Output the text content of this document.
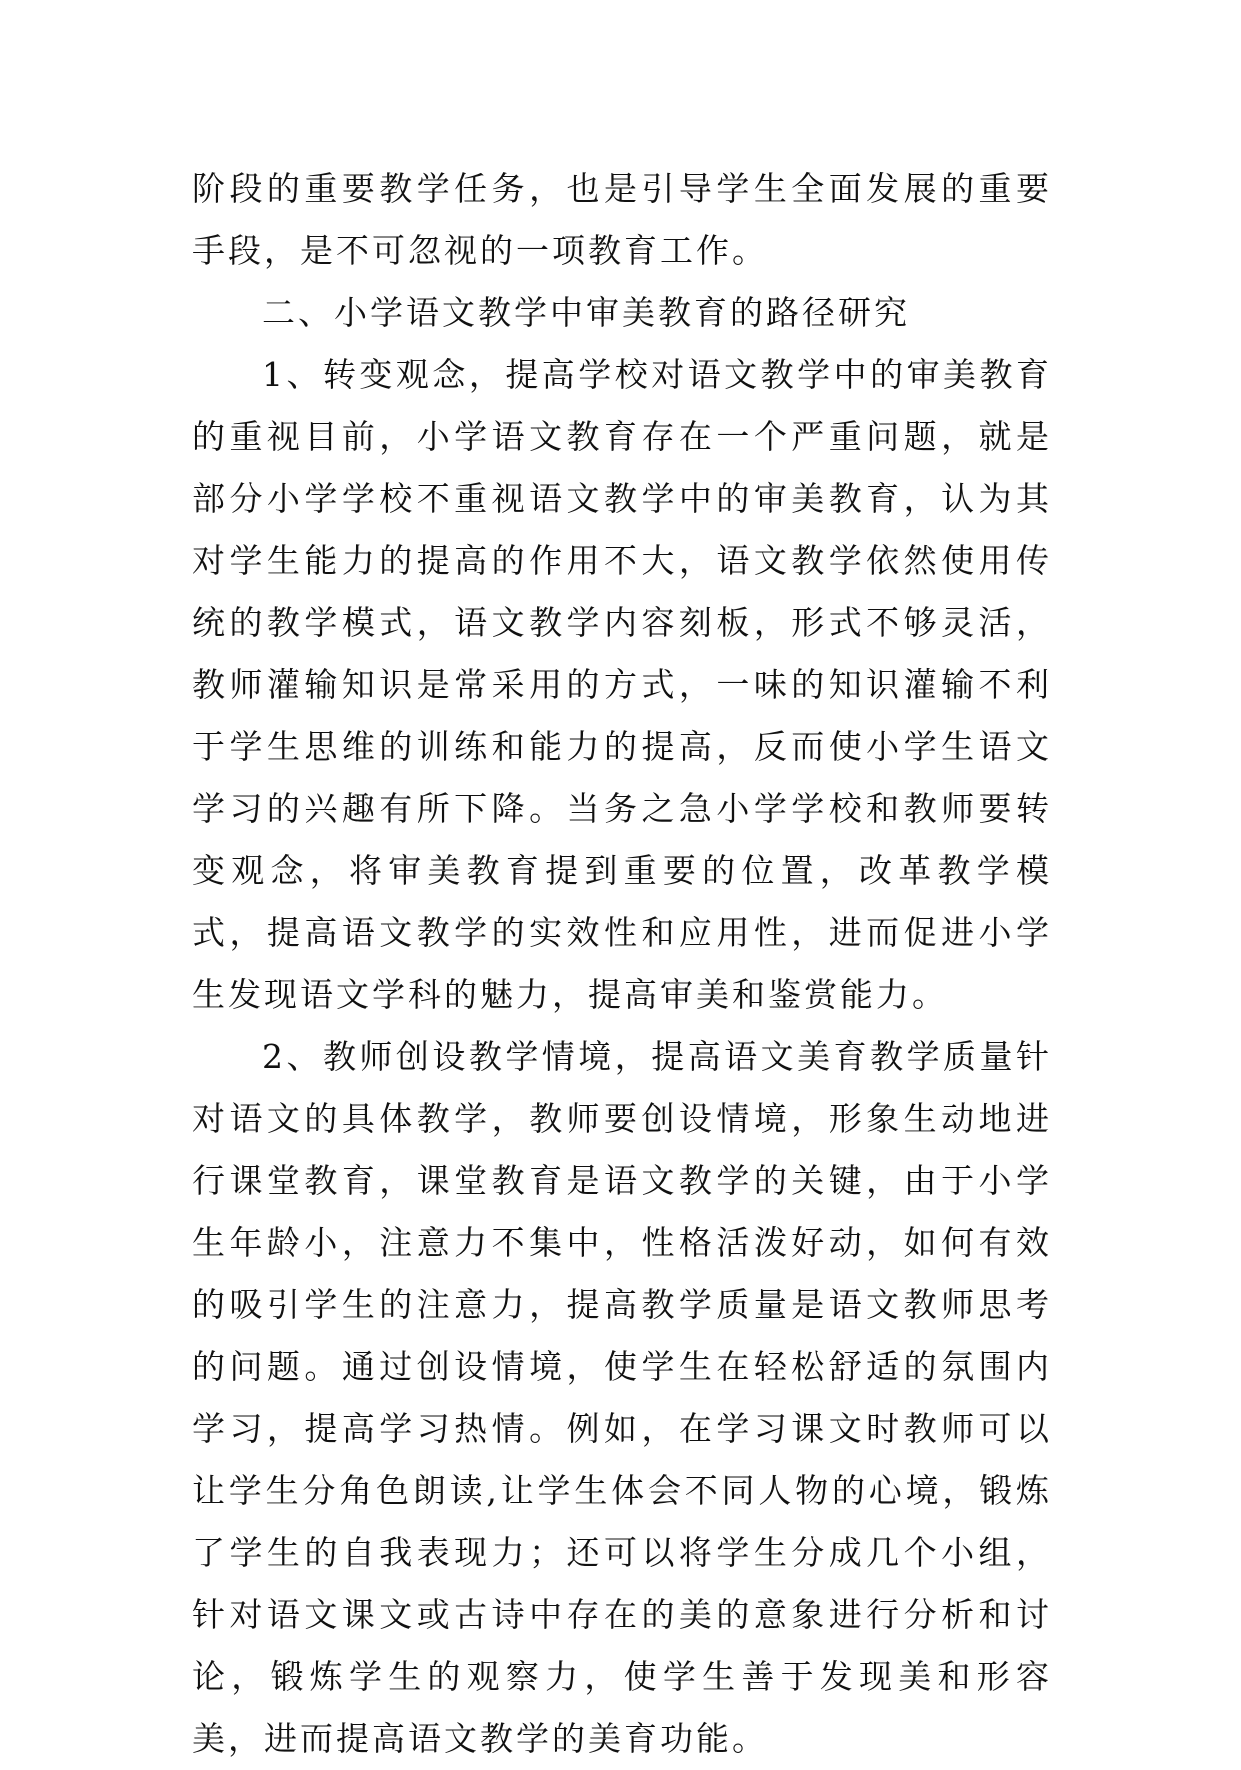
阶段的重要教学任务，也是引导学生全面发展的重要手段，是不可忽视的一项教育工作。

二、小学语文教学中审美教育的路径研究

1、转变观念，提高学校对语文教学中的审美教育的重视目前，小学语文教育存在一个严重问题，就是部分小学学校不重视语文教学中的审美教育，认为其对学生能力的提高的作用不大，语文教学依然使用传统的教学模式，语文教学内容刻板，形式不够灵活，教师灌输知识是常采用的方式，一味的知识灌输不利于学生思维的训练和能力的提高，反而使小学生语文学习的兴趣有所下降。当务之急小学学校和教师要转变观念，将审美教育提到重要的位置，改革教学模式，提高语文教学的实效性和应用性，进而促进小学生发现语文学科的魅力，提高审美和鉴赏能力。

2、教师创设教学情境，提高语文美育教学质量针对语文的具体教学，教师要创设情境，形象生动地进行课堂教育，课堂教育是语文教学的关键，由于小学生年龄小，注意力不集中，性格活泼好动，如何有效的吸引学生的注意力，提高教学质量是语文教师思考的问题。通过创设情境，使学生在轻松舒适的氛围内学习，提高学习热情。例如，在学习课文时教师可以让学生分角色朗读,让学生体会不同人物的心境，锻炼了学生的自我表现力；还可以将学生分成几个小组，针对语文课文或古诗中存在的美的意象进行分析和讨论，锻炼学生的观察力，使学生善于发现美和形容美，进而提高语文教学的美育功能。
